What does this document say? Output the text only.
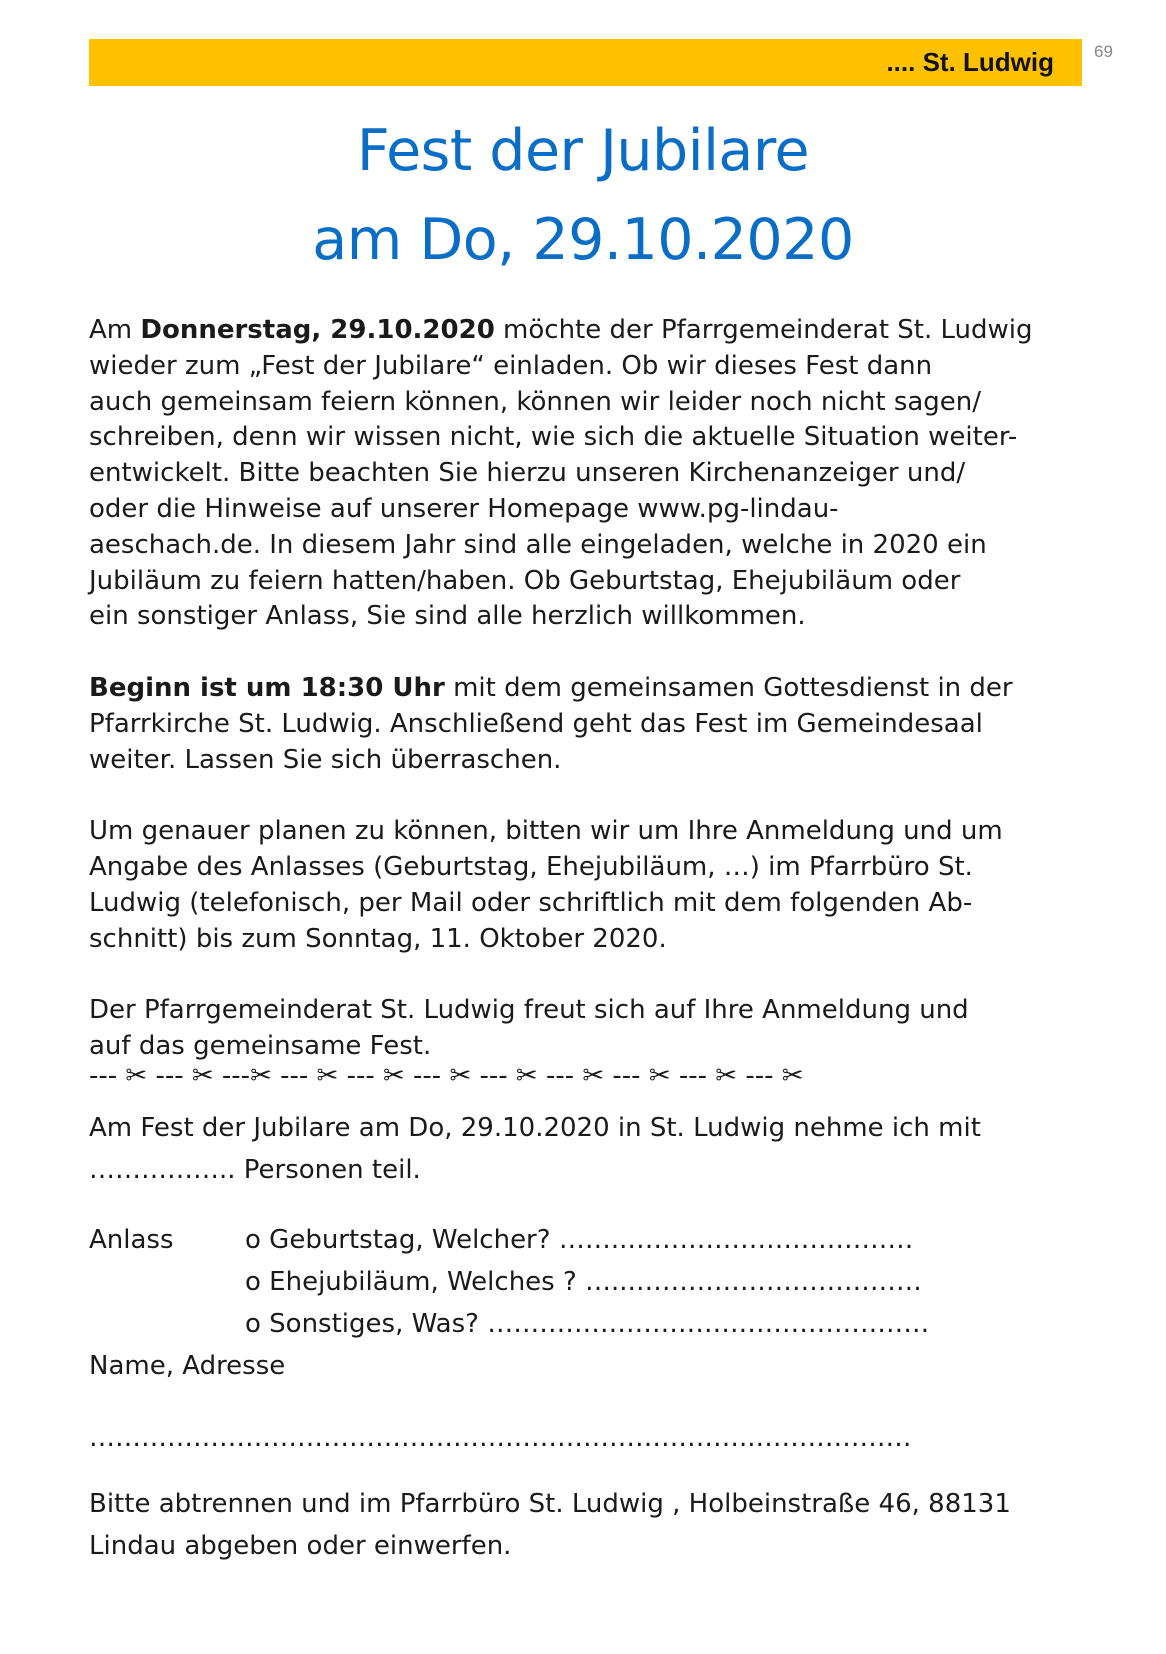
.... St. Ludwig 69
Fest der Jubilare
am Do, 29.10.2020

Am Donnerstag, 29.10.2020 möchte der Pfarrgemeinderat St. Ludwig
wieder zum „Fest der Jubilare“ einladen. Ob wir dieses Fest dann
auch gemeinsam feiern können, können wir leider noch nicht sagen/
schreiben, denn wir wissen nicht, wie sich die aktuelle Situation weiter-
entwickelt. Bitte beachten Sie hierzu unseren Kirchenanzeiger und/
oder die Hinweise auf unserer Homepage www.pg-lindau-
aeschach.de. In diesem Jahr sind alle eingeladen, welche in 2020 ein
Jubiläum zu feiern hatten/haben. Ob Geburtstag, Ehejubiläum oder
ein sonstiger Anlass, Sie sind alle herzlich willkommen.

Beginn ist um 18:30 Uhr mit dem gemeinsamen Gottesdienst in der
Pfarrkirche St. Ludwig. Anschließend geht das Fest im Gemeindesaal
weiter. Lassen Sie sich überraschen.

Um genauer planen zu können, bitten wir um Ihre Anmeldung und um
Angabe des Anlasses (Geburtstag, Ehejubiläum, …) im Pfarrbüro St.
Ludwig (telefonisch, per Mail oder schriftlich mit dem folgenden Ab-
schnitt) bis zum Sonntag, 11. Oktober 2020.

Der Pfarrgemeinderat St. Ludwig freut sich auf Ihre Anmeldung und
auf das gemeinsame Fest.

--- ✂ --- ✂ ---✂ --- ✂ --- ✂ --- ✂ --- ✂ --- ✂ --- ✂ --- ✂ --- ✂
Am Fest der Jubilare am Do, 29.10.2020 in St. Ludwig nehme ich mit
…………….. Personen teil.
Anlass	o Geburtstag, Welcher? ……..……………………………
o Ehejubiläum, Welches ? …...……………………………
o Sonstiges, Was? ……………………………………………
Name, Adresse
…………………………………………………………………..………………
Bitte abtrennen und im Pfarrbüro St. Ludwig , Holbeinstraße 46, 88131
Lindau abgeben oder einwerfen.
